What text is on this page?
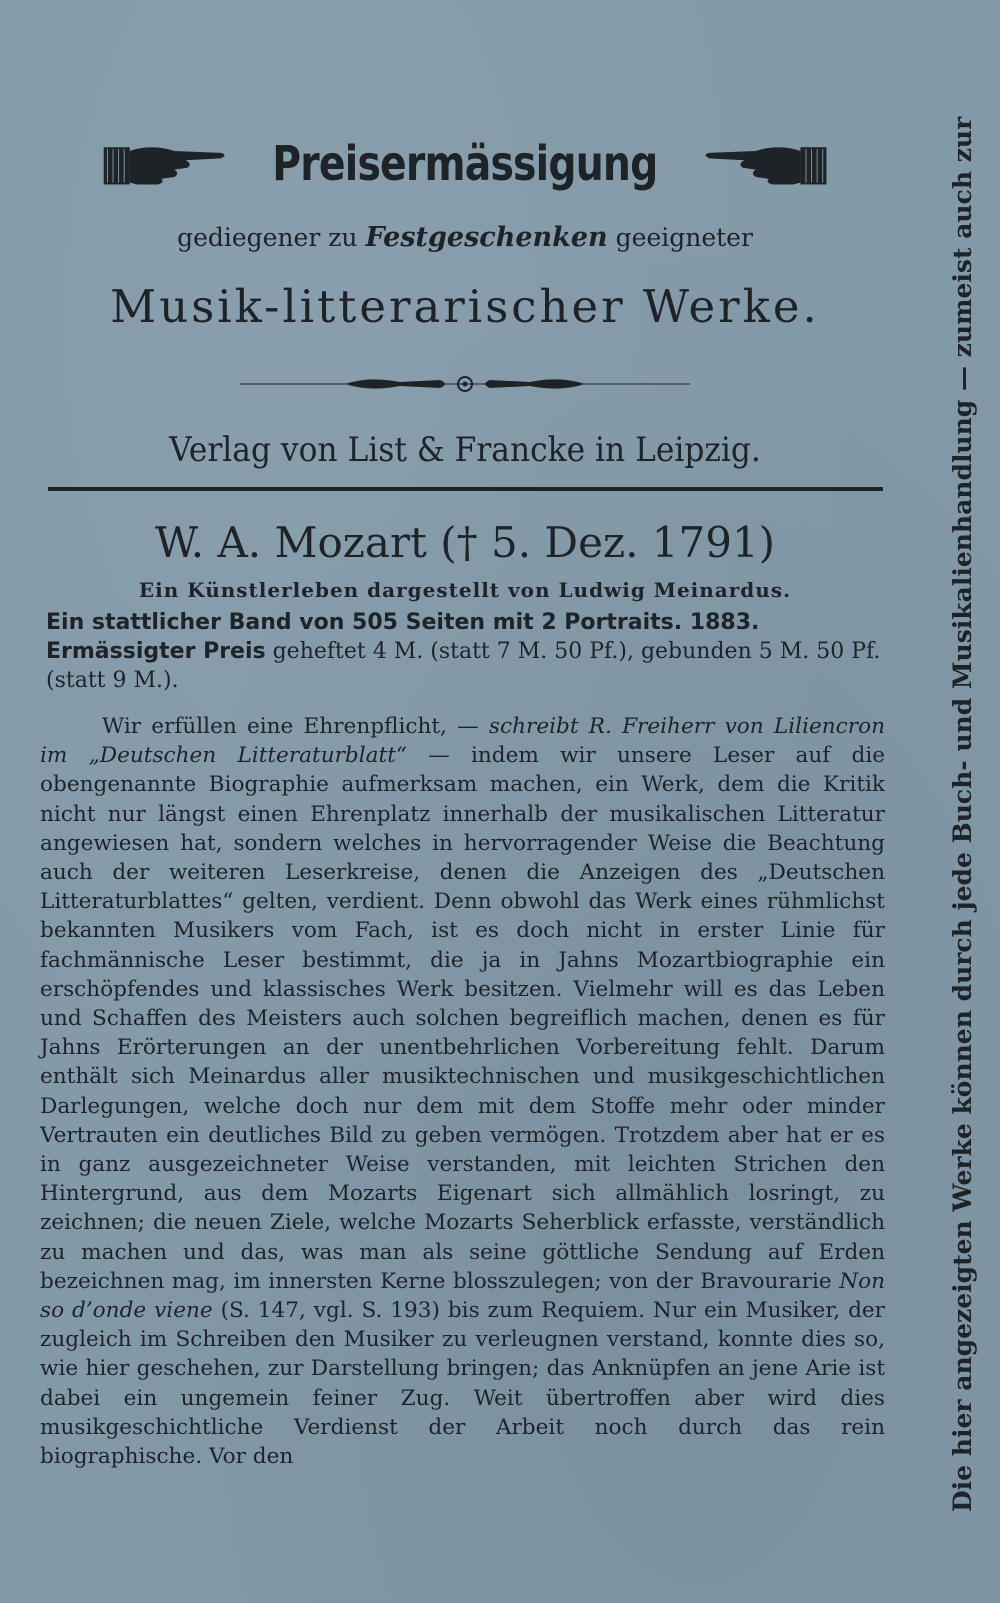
Preisermässigung
gediegener zu Festgeschenken geeigneter
Musik-litterarischer Werke.
Verlag von List & Francke in Leipzig.
W. A. Mozart († 5. Dez. 1791)
Ein Künstlerleben dargestellt von Ludwig Meinardus.
Ein stattlicher Band von 505 Seiten mit 2 Portraits. 1883.
Ermässigter Preis geheftet 4 M. (statt 7 M. 50 Pf.), gebunden 5 M. 50 Pf. (statt 9 M.).
Wir erfüllen eine Ehrenpflicht, — schreibt R. Freiherr von Liliencron im „Deutschen Litteraturblatt“ — indem wir unsere Leser auf die obengenannte Biographie aufmerksam machen, ein Werk, dem die Kritik nicht nur längst einen Ehrenplatz innerhalb der musikalischen Litteratur angewiesen hat, sondern welches in hervorragender Weise die Beachtung auch der weiteren Leserkreise, denen die Anzeigen des „Deutschen Litteraturblattes“ gelten, verdient. Denn obwohl das Werk eines rühmlichst bekannten Musikers vom Fach, ist es doch nicht in erster Linie für fachmännische Leser bestimmt, die ja in Jahns Mozartbiographie ein erschöpfendes und klassisches Werk besitzen. Vielmehr will es das Leben und Schaffen des Meisters auch solchen begreiflich machen, denen es für Jahns Erörterungen an der unentbehrlichen Vorbereitung fehlt. Darum enthält sich Meinardus aller musiktechnischen und musikgeschichtlichen Darlegungen, welche doch nur dem mit dem Stoffe mehr oder minder Vertrauten ein deutliches Bild zu geben vermögen. Trotzdem aber hat er es in ganz ausgezeichneter Weise verstanden, mit leichten Strichen den Hintergrund, aus dem Mozarts Eigenart sich allmählich losringt, zu zeichnen; die neuen Ziele, welche Mozarts Seherblick erfasste, verständlich zu machen und das, was man als seine göttliche Sendung auf Erden bezeichnen mag, im innersten Kerne blosszulegen; von der Bravourarie Non so d’onde viene (S. 147, vgl. S. 193) bis zum Requiem. Nur ein Musiker, der zugleich im Schreiben den Musiker zu verleugnen verstand, konnte dies so, wie hier geschehen, zur Darstellung bringen; das Anknüpfen an jene Arie ist dabei ein ungemein feiner Zug. Weit übertroffen aber wird dies musikgeschichtliche Verdienst der Arbeit noch durch das rein biographische. Vor den	Die hier angezeigten Werke können durch jede Buch- und Musikalienhandlung — zumeist auch zur
